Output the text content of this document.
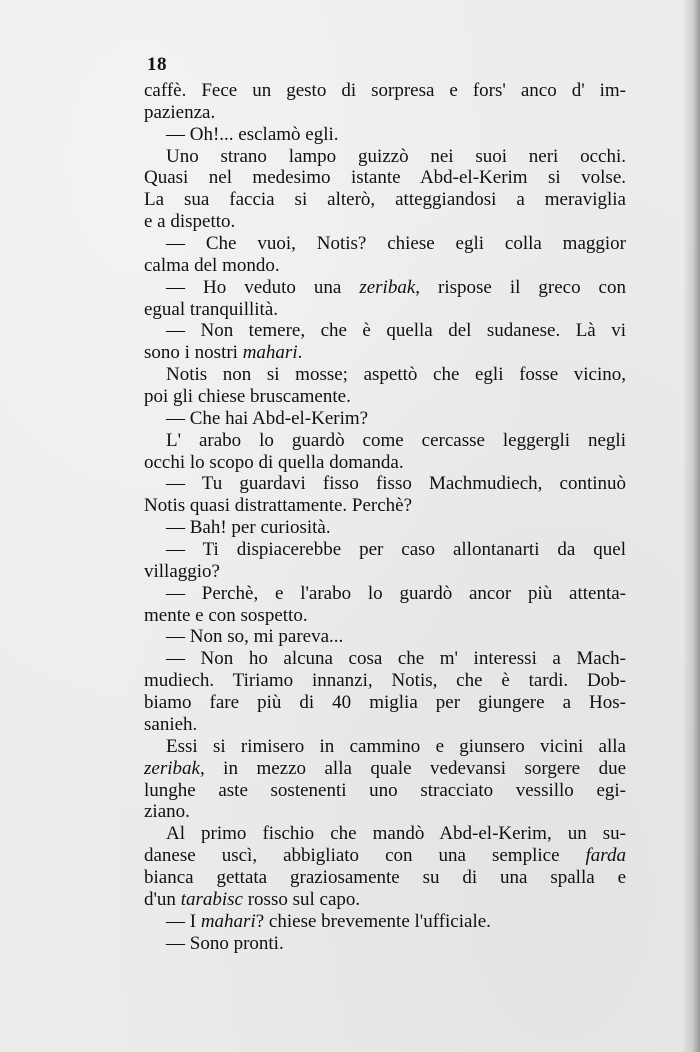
18
caffè. Fece un gesto di sorpresa e fors' anco d' im-
pazienza.
— Oh!... esclamò egli.
Uno strano lampo guizzò nei suoi neri occhi.
Quasi nel medesimo istante Abd-el-Kerim si volse.
La sua faccia si alterò, atteggiandosi a meraviglia
e a dispetto.
— Che vuoi, Notis? chiese egli colla maggior
calma del mondo.
— Ho veduto una zeribak, rispose il greco con
egual tranquillità.
— Non temere, che è quella del sudanese. Là vi
sono i nostri mahari.
Notis non si mosse; aspettò che egli fosse vicino,
poi gli chiese bruscamente.
— Che hai Abd-el-Kerim?
L' arabo lo guardò come cercasse leggergli negli
occhi lo scopo di quella domanda.
— Tu guardavi fisso fisso Machmudiech, continuò
Notis quasi distrattamente. Perchè?
— Bah! per curiosità.
— Ti dispiacerebbe per caso allontanarti da quel
villaggio?
— Perchè, e l'arabo lo guardò ancor più attenta-
mente e con sospetto.
— Non so, mi pareva...
— Non ho alcuna cosa che m' interessi a Mach-
mudiech. Tiriamo innanzi, Notis, che è tardi. Dob-
biamo fare più di 40 miglia per giungere a Hos-
sanieh.
Essi si rimisero in cammino e giunsero vicini alla
zeribak, in mezzo alla quale vedevansi sorgere due
lunghe aste sostenenti uno stracciato vessillo egi-
ziano.
Al primo fischio che mandò Abd-el-Kerim, un su-
danese uscì, abbigliato con una semplice farda
bianca gettata graziosamente su di una spalla e
d'un tarabisc rosso sul capo.
— I mahari? chiese brevemente l'ufficiale.
— Sono pronti.
